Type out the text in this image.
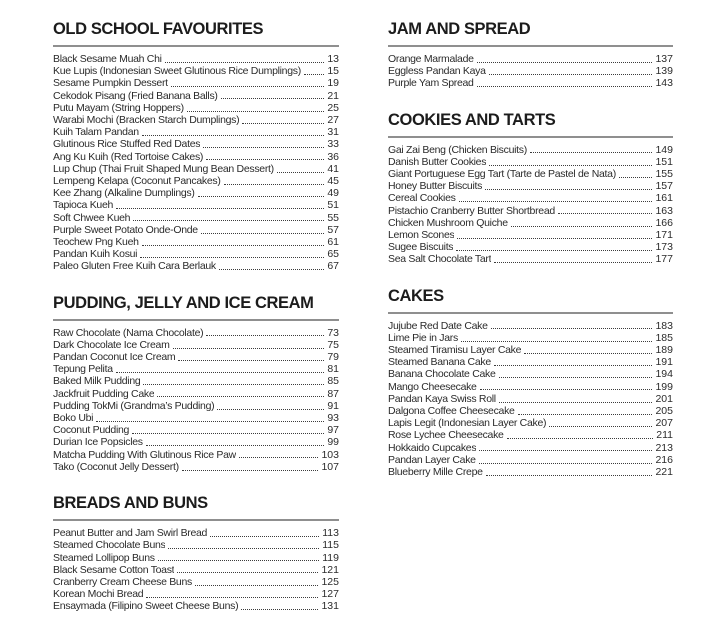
OLD SCHOOL FAVOURITES
Black Sesame Muah Chi	13
Kue Lupis (Indonesian Sweet Glutinous Rice Dumplings)	15
Sesame Pumpkin Dessert	19
Cekodok Pisang (Fried Banana Balls)	21
Putu Mayam (String Hoppers)	25
Warabi Mochi (Bracken Starch Dumplings)	27
Kuih Talam Pandan	31
Glutinous Rice Stuffed Red Dates	33
Ang Ku Kuih (Red Tortoise Cakes)	36
Lup Chup (Thai Fruit Shaped Mung Bean Dessert)	41
Lempeng Kelapa (Coconut Pancakes)	45
Kee Zhang (Alkaline Dumplings)	49
Tapioca Kueh	51
Soft Chwee Kueh	55
Purple Sweet Potato Onde-Onde	57
Teochew Png Kueh	61
Pandan Kuih Kosui	65
Paleo Gluten Free Kuih Cara Berlauk	67
PUDDING, JELLY AND ICE CREAM
Raw Chocolate (Nama Chocolate)	73
Dark Chocolate Ice Cream	75
Pandan Coconut Ice Cream	79
Tepung Pelita	81
Baked Milk Pudding	85
Jackfruit Pudding Cake	87
Pudding TokMi (Grandma’s Pudding)	91
Boko Ubi	93
Coconut Pudding	97
Durian Ice Popsicles	99
Matcha Pudding With Glutinous Rice Paw	103
Tako (Coconut Jelly Dessert)	107
BREADS AND BUNS
Peanut Butter and Jam Swirl Bread	113
Steamed Chocolate Buns	115
Steamed Lollipop Buns	119
Black Sesame Cotton Toast	121
Cranberry Cream Cheese Buns	125
Korean Mochi Bread	127
Ensaymada (Filipino Sweet Cheese Buns)	131
JAM AND SPREAD
Orange Marmalade	137
Eggless Pandan Kaya	139
Purple Yam Spread	143
COOKIES AND TARTS
Gai Zai Beng (Chicken Biscuits)	149
Danish Butter Cookies	151
Giant Portuguese Egg Tart (Tarte de Pastel de Nata)	155
Honey Butter Biscuits	157
Cereal Cookies	161
Pistachio Cranberry Butter Shortbread	163
Chicken Mushroom Quiche	166
Lemon Scones	171
Sugee Biscuits	173
Sea Salt Chocolate Tart	177
CAKES
Jujube Red Date Cake	183
Lime Pie in Jars	185
Steamed Tiramisu Layer Cake	189
Steamed Banana Cake	191
Banana Chocolate Cake	194
Mango Cheesecake	199
Pandan Kaya Swiss Roll	201
Dalgona Coffee Cheesecake	205
Lapis Legit (Indonesian Layer Cake)	207
Rose Lychee Cheesecake	211
Hokkaido Cupcakes	213
Pandan Layer Cake	216
Blueberry Mille Crepe	221
